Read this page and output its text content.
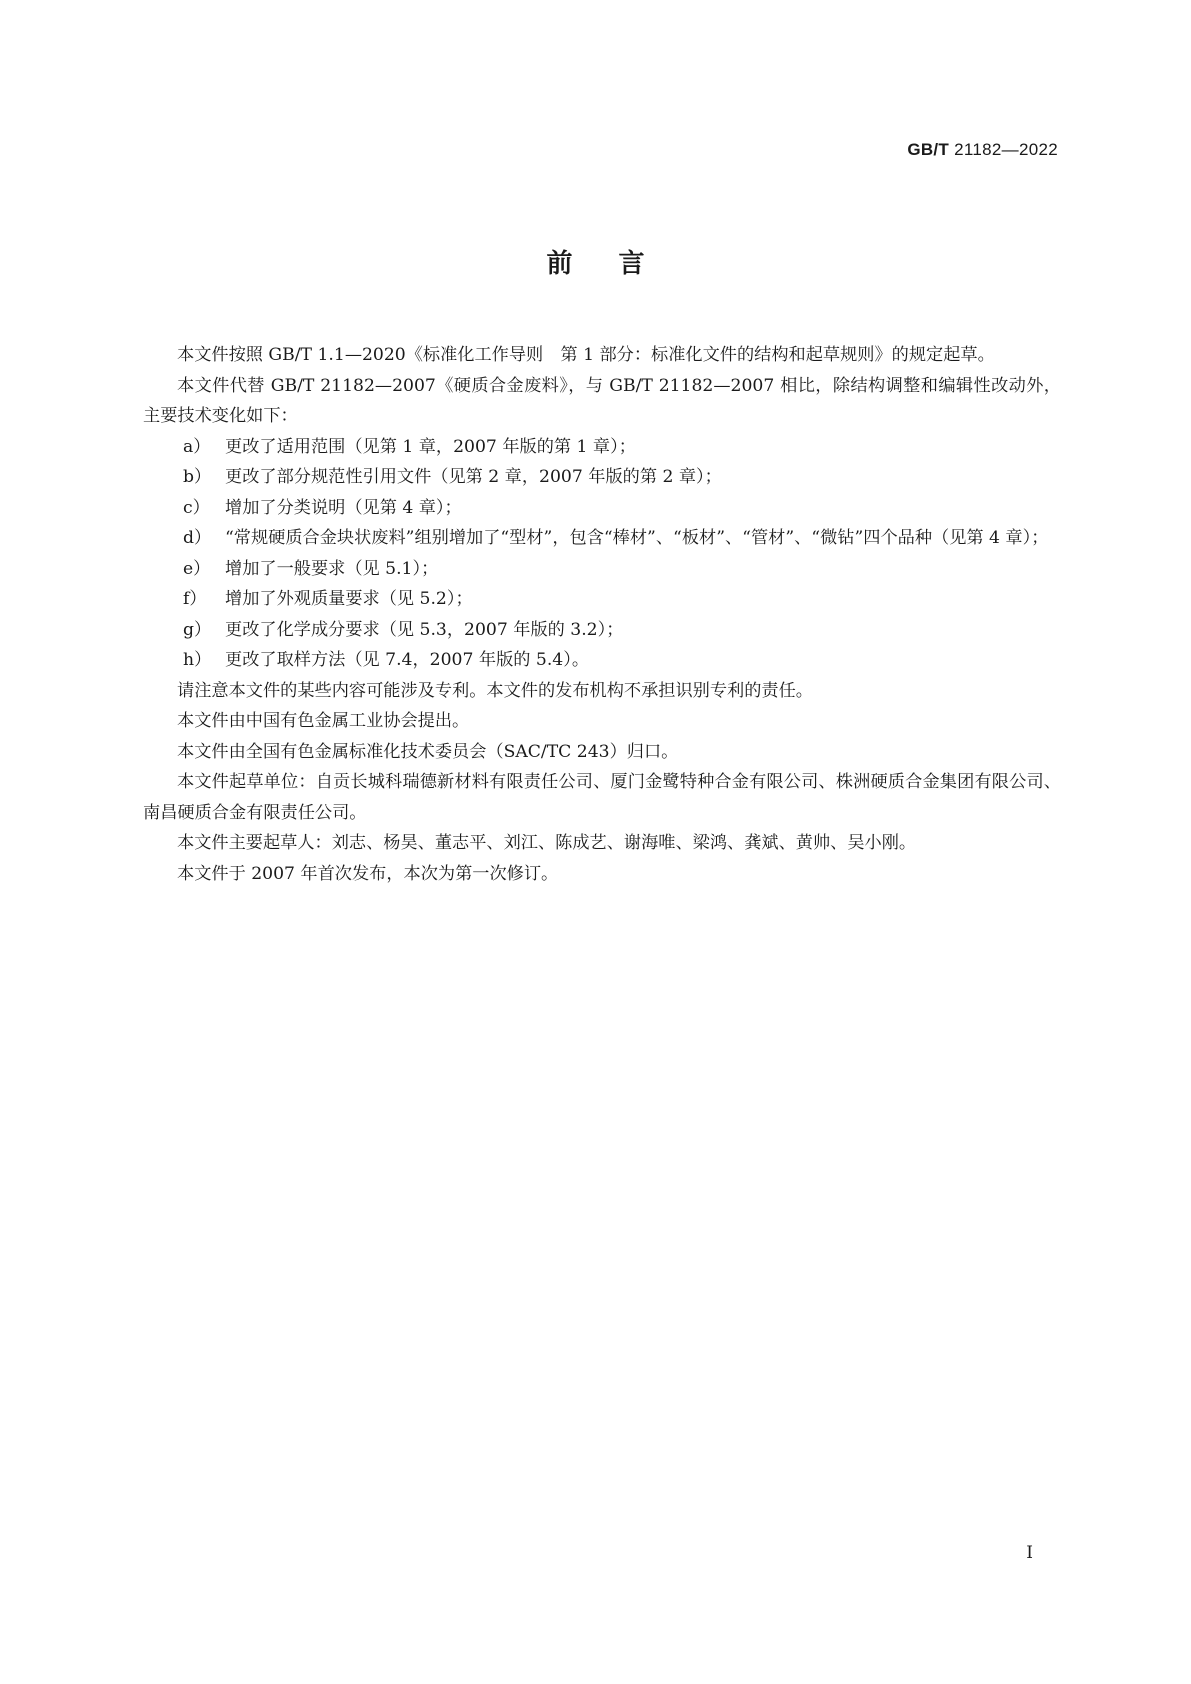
GB/T 21182—2022
前言

本文件按照 GB/T 1.1—2020《标准化工作导则　第 1 部分：标准化文件的结构和起草规则》的规定起草。

本文件代替 GB/T 21182—2007《硬质合金废料》，与 GB/T 21182—2007 相比，除结构调整和编辑性改动外，主要技术变化如下：

a） 更改了适用范围（见第 1 章，2007 年版的第 1 章）；
b） 更改了部分规范性引用文件（见第 2 章，2007 年版的第 2 章）；
c） 增加了分类说明（见第 4 章）；
d） “常规硬质合金块状废料”组别增加了“型材”，包含“棒材”、“板材”、“管材”、“微钻”四个品种（见第 4 章）；
e） 增加了一般要求（见 5.1）；
f） 增加了外观质量要求（见 5.2）；
g） 更改了化学成分要求（见 5.3，2007 年版的 3.2）；
h） 更改了取样方法（见 7.4，2007 年版的 5.4）。

请注意本文件的某些内容可能涉及专利。本文件的发布机构不承担识别专利的责任。

本文件由中国有色金属工业协会提出。

本文件由全国有色金属标准化技术委员会（SAC/TC 243）归口。

本文件起草单位：自贡长城科瑞德新材料有限责任公司、厦门金鹭特种合金有限公司、株洲硬质合金集团有限公司、南昌硬质合金有限责任公司。

本文件主要起草人：刘志、杨昊、董志平、刘江、陈成艺、谢海唯、梁鸿、龚斌、黄帅、吴小刚。

本文件于 2007 年首次发布，本次为第一次修订。

I
